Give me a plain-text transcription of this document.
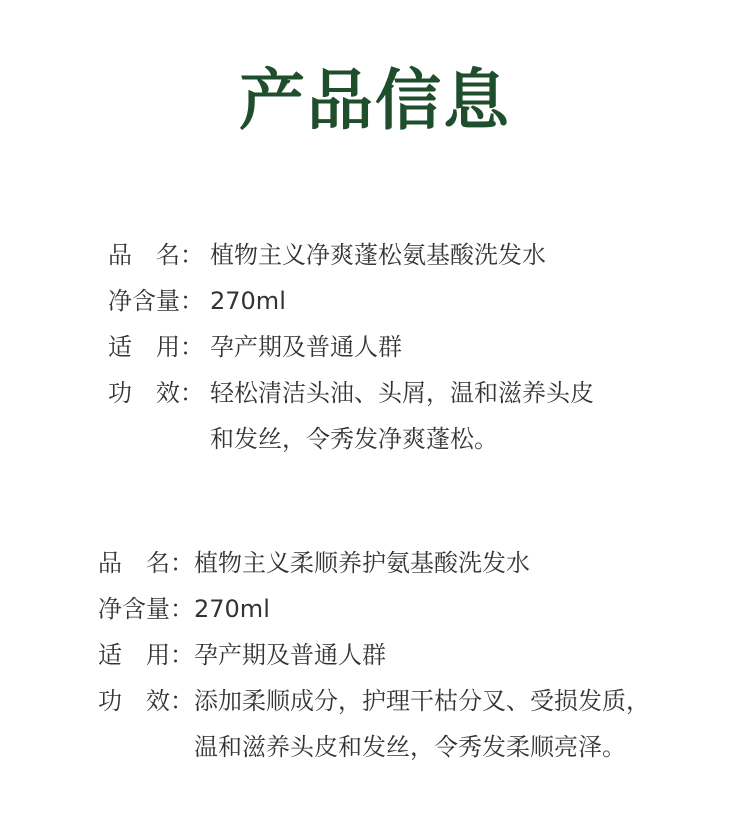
产品信息
品　名： 植物主义净爽蓬松氨基酸洗发水
净含量： 270ml
适　用： 孕产期及普通人群
功　效： 轻松清洁头油、头屑，温和滋养头皮
和发丝，令秀发净爽蓬松。
品　名： 植物主义柔顺养护氨基酸洗发水
净含量： 270ml
适　用： 孕产期及普通人群
功　效： 添加柔顺成分，护理干枯分叉、受损发质，
温和滋养头皮和发丝，令秀发柔顺亮泽。
